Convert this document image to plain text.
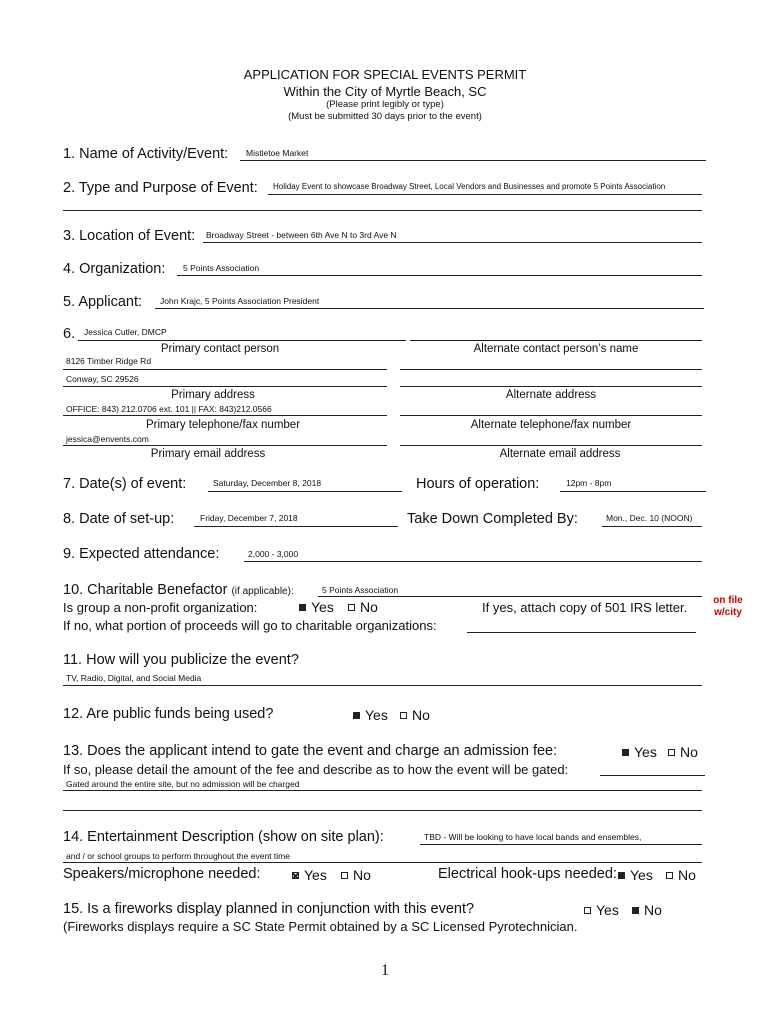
APPLICATION FOR SPECIAL EVENTS PERMIT
Within the City of Myrtle Beach, SC
(Please print legibly or type)
(Must be submitted 30 days prior to the event)
1. Name of Activity/Event: Mistletoe Market
2. Type and Purpose of Event: Holiday Event to showcase Broadway Street, Local Vendors and Businesses and promote 5 Points Association
3. Location of Event: Broadway Street - between 6th Ave N to 3rd Ave N
4. Organization: 5 Points Association
5. Applicant: John Krajc, 5 Points Association President
6. Jessica Cutler, DMCP
Primary contact person	Alternate contact person’s name
8126 Timber Ridge Rd
Conway, SC 29526
Primary address	Alternate address
OFFICE: 843) 212.0706 ext. 101 || FAX: 843)212.0566
Primary telephone/fax number	Alternate telephone/fax number
jessica@envents.com
Primary email address	Alternate email address
7. Date(s) of event:	Saturday, December 8, 2018	Hours of operation:	12pm - 8pm
8. Date of set-up:	Friday, December 7, 2018	Take Down Completed By:	Mon., Dec. 10 (NOON)
9. Expected attendance:	2,000 - 3,000
10. Charitable Benefactor (if applicable):	5 Points Association
Is group a non-profit organization:	Yes	No	If yes, attach copy of 501 IRS letter.	on file
w/city
If no, what portion of proceeds will go to charitable organizations:
11. How will you publicize the event?
TV, Radio, Digital, and Social Media
12. Are public funds being used?	Yes	No
13. Does the applicant intend to gate the event and charge an admission fee:	Yes	No
If so, please detail the amount of the fee and describe as to how the event will be gated:
Gated around the entire site, but no admission will be charged
14. Entertainment Description (show on site plan):	TBD - Will be looking to have local bands and ensembles,
and / or school groups to perform throughout the event time
Speakers/microphone needed:	Yes	No	Electrical hook-ups needed: Yes	No
15. Is a fireworks display planned in conjunction with this event?	Yes	No
(Fireworks displays require a SC State Permit obtained by a SC Licensed Pyrotechnician.
1
